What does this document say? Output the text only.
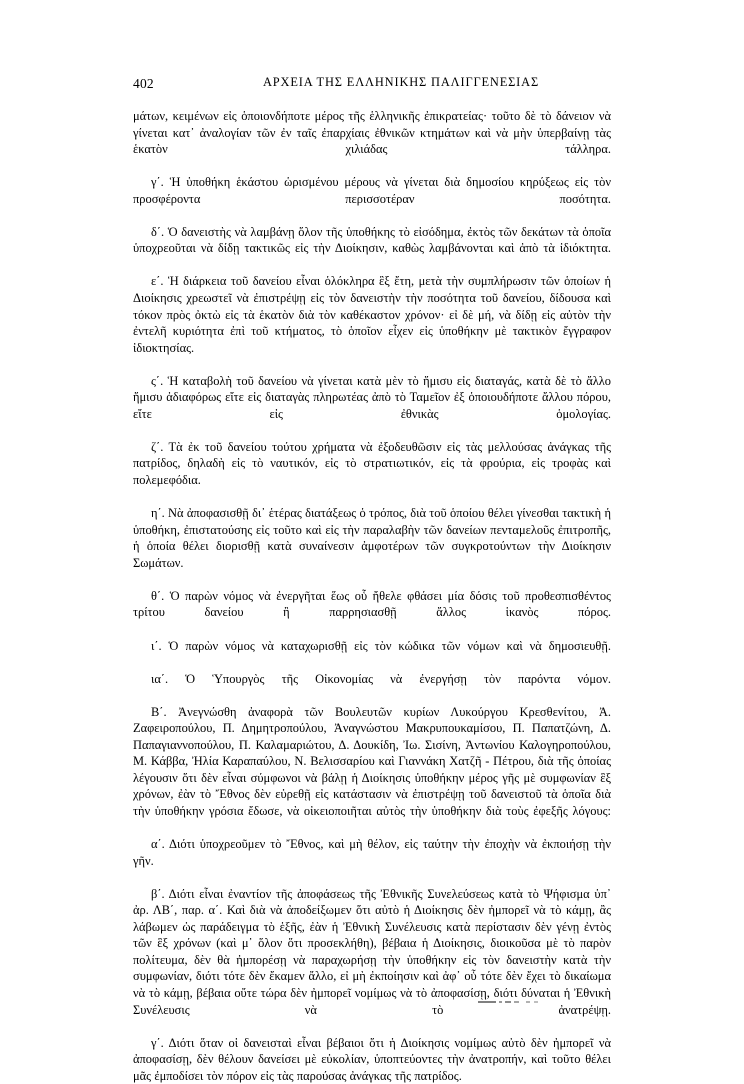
402	ΑΡΧΕΙΑ ΤΗΣ ΕΛΛΗΝΙΚΗΣ ΠΑΛΙΓΓΕΝΕΣΙΑΣ

μάτων, κειμένων εἰς ὁποιονδήποτε μέρος τῆς ἑλληνικῆς ἐπικρατείας· τοῦτο δὲ τὸ δάνειον νὰ γίνεται κατ᾿ ἀναλογίαν τῶν ἐν ταῖς ἐπαρχίαις ἐθνικῶν κτημάτων καὶ νὰ μὴν ὑπερβαίνῃ τὰς ἑκατὸν χιλιάδας τάλληρα.

γ΄. Ἡ ὑποθήκη ἑκάστου ὡρισμένου μέρους νὰ γίνεται διὰ δημοσίου κηρύξεως εἰς τὸν προσφέροντα περισσοτέραν ποσότητα.

δ΄. Ὁ δανειστὴς νὰ λαμβάνῃ ὅλον τῆς ὑποθήκης τὸ εἰσόδημα, ἐκτὸς τῶν δεκάτων τὰ ὁποῖα ὑποχρεοῦται νὰ δίδῃ τακτικῶς εἰς τὴν Διοίκησιν, καθὼς λαμβάνονται καὶ ἀπὸ τὰ ἰδιόκτητα.

ε΄. Ἡ διάρκεια τοῦ δανείου εἶναι ὁλόκληρα ἓξ ἔτη, μετὰ τὴν συμπλήρωσιν τῶν ὁποίων ἡ Διοίκησις χρεωστεῖ νὰ ἐπιστρέψῃ εἰς τὸν δανειστὴν τὴν ποσότητα τοῦ δανείου, δίδουσα καὶ τόκον πρὸς ὀκτὼ εἰς τὰ ἑκατὸν διὰ τὸν καθέκαστον χρόνον· εἰ δὲ μή, νὰ δίδῃ εἰς αὐτὸν τὴν ἐντελῆ κυριότητα ἐπὶ τοῦ κτήματος, τὸ ὁποῖον εἶχεν εἰς ὑποθήκην μὲ τακτικὸν ἔγγραφον ἰδιοκτησίας.

ς΄. Ἡ καταβολὴ τοῦ δανείου νὰ γίνεται κατὰ μὲν τὸ ἥμισυ εἰς διαταγάς, κατὰ δὲ τὸ ἄλλο ἥμισυ ἀδιαφόρως εἴτε εἰς διαταγὰς πληρωτέας ἀπὸ τὸ Ταμεῖον ἐξ ὁποιουδήποτε ἄλλου πόρου, εἴτε εἰς ἐθνικὰς ὁμολογίας.

ζ΄. Τὰ ἐκ τοῦ δανείου τούτου χρήματα νὰ ἐξοδευθῶσιν εἰς τὰς μελλούσας ἀνάγκας τῆς πατρίδος, δηλαδὴ εἰς τὸ ναυτικόν, εἰς τὸ στρατιωτικόν, εἰς τὰ φρούρια, εἰς τροφὰς καὶ πολεμεφόδια.

η΄. Νὰ ἀποφασισθῇ δι᾿ ἑτέρας διατάξεως ὁ τρόπος, διὰ τοῦ ὁποίου θέλει γίνεσθαι τακτικὴ ἡ ὑποθήκη, ἐπιστατούσης εἰς τοῦτο καὶ εἰς τὴν παραλαβὴν τῶν δανείων πενταμελοῦς ἐπιτροπῆς, ἡ ὁποία θέλει διορισθῇ κατὰ συναίνεσιν ἀμφοτέρων τῶν συγκροτούντων τὴν Διοίκησιν Σωμάτων.

θ΄. Ὁ παρὼν νόμος νὰ ἐνεργῆται ἕως οὗ ἤθελε φθάσει μία δόσις τοῦ προθεσπισθέντος τρίτου δανείου ἢ παρρησιασθῇ ἄλλος ἱκανὸς πόρος.

ι΄. Ὁ παρὼν νόμος νὰ καταχωρισθῇ εἰς τὸν κώδικα τῶν νόμων καὶ νὰ δημοσιευθῇ.

ια΄. Ὁ Ὑπουργὸς τῆς Οἰκονομίας νὰ ἐνεργήσῃ τὸν παρόντα νόμον.

Β΄. Ἀνεγνώσθη ἀναφορὰ τῶν Βουλευτῶν κυρίων Λυκούργου Κρεσθενίτου, Ἀ. Ζαφειροπούλου, Π. Δημητροπούλου, Ἀναγνώστου Μακρυπουκαμίσου, Π. Παπατζώνη, Δ. Παπαγιαννοπούλου, Π. Καλαμαριώτου, Δ. Δουκίδη, Ἰω. Σισίνη, Ἀντωνίου Καλογηροπούλου, Μ. Κάββα, Ἠλία Καραπαύλου, Ν. Βελισσαρίου καὶ Γιαννάκη Χατζῆ - Πέτρου, διὰ τῆς ὁποίας λέγουσιν ὅτι δὲν εἶναι σύμφωνοι νὰ βάλῃ ἡ Διοίκησις ὑποθήκην μέρος γῆς μὲ συμφωνίαν ἓξ χρόνων, ἐὰν τὸ Ἔθνος δὲν εὑρεθῇ εἰς κατάστασιν νὰ ἐπιστρέψῃ τοῦ δανειστοῦ τὰ ὁποῖα διὰ τὴν ὑποθήκην γρόσια ἔδωσε, νὰ οἰκειοποιῆται αὐτὸς τὴν ὑποθήκην διὰ τοὺς ἐφεξῆς λόγους:

α΄. Διότι ὑποχρεοῦμεν τὸ Ἔθνος, καὶ μὴ θέλον, εἰς ταύτην τὴν ἐποχὴν νὰ ἐκποιήσῃ τὴν γῆν.

β΄. Διότι εἶναι ἐναντίον τῆς ἀποφάσεως τῆς Ἐθνικῆς Συνελεύσεως κατὰ τὸ Ψήφισμα ὑπ᾿ ἀρ. ΛΒ΄, παρ. α΄. Καὶ διὰ νὰ ἀποδείξωμεν ὅτι αὐτὸ ἡ Διοίκησις δὲν ἠμπορεῖ νὰ τὸ κάμῃ, ἂς λάβωμεν ὡς παράδειγμα τὸ ἑξῆς, ἐὰν ἡ Ἐθνικὴ Συνέλευσις κατὰ περίστασιν δὲν γένῃ ἐντὸς τῶν ἓξ χρόνων (καὶ μ᾿ ὅλον ὅτι προσεκλήθη), βέβαια ἡ Διοίκησις, διοικοῦσα μὲ τὸ παρὸν πολίτευμα, δὲν θὰ ἠμπορέσῃ νὰ παραχωρήσῃ τὴν ὑποθήκην εἰς τὸν δανειστὴν κατὰ τὴν συμφωνίαν, διότι τότε δὲν ἔκαμεν ἄλλο, εἰ μὴ ἐκποίησιν καὶ ἀφ᾿ οὗ τότε δὲν ἔχει τὸ δικαίωμα νὰ τὸ κάμῃ, βέβαια οὔτε τώρα δὲν ἠμπορεῖ νομίμως νὰ τὸ ἀποφασίσῃ, διότι δύναται ἡ Ἐθνικὴ Συνέλευσις νὰ τὸ ἀνατρέψῃ.

γ΄. Διότι ὅταν οἱ δανεισταὶ εἶναι βέβαιοι ὅτι ἡ Διοίκησις νομίμως αὐτὸ δὲν ἠμπορεῖ νὰ ἀποφασίσῃ, δὲν θέλουν δανείσει μὲ εὐκολίαν, ὑποπτεύοντες τὴν ἀνατροπήν, καὶ τοῦτο θέλει μᾶς ἐμποδίσει τὸν πόρον εἰς τὰς παρούσας ἀνάγκας τῆς πατρίδος.
